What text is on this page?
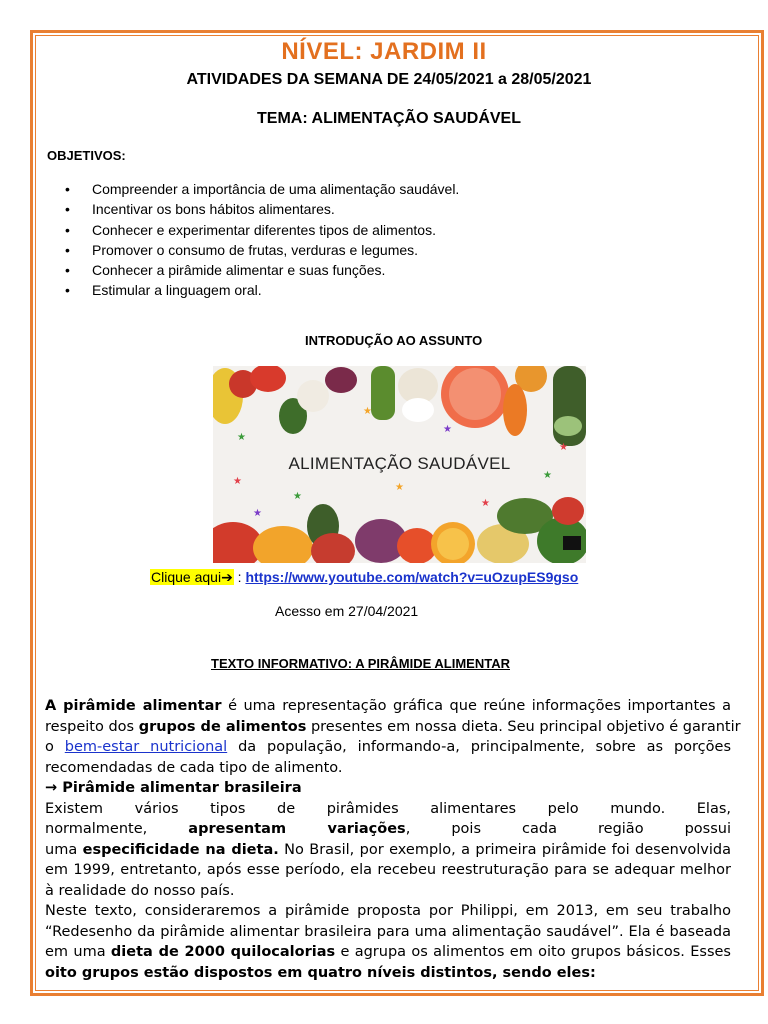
NÍVEL: JARDIM II
ATIVIDADES DA SEMANA DE 24/05/2021 a 28/05/2021
TEMA: ALIMENTAÇÃO SAUDÁVEL
OBJETIVOS:
• Compreender a importância de uma alimentação saudável.
• Incentivar os bons hábitos alimentares.
• Conhecer e experimentar diferentes tipos de alimentos.
• Promover o consumo de frutas, verduras e legumes.
• Conhecer a pirâmide alimentar e suas funções.
• Estimular a linguagem oral.
INTRODUÇÃO AO ASSUNTO
★
★
★
★
★
★
★
★
★
★
ALIMENTAÇÃO SAUDÁVEL
Clique aqui➔ : https://www.youtube.com/watch?v=uOzupES9gso
Acesso em 27/04/2021
TEXTO INFORMATIVO: A PIRÂMIDE ALIMENTAR
A pirâmide alimentar é uma representação gráfica que reúne informações importantes a
respeito dos grupos de alimentos presentes em nossa dieta. Seu principal objetivo é garantir
o bem-estar nutricional da população, informando-a, principalmente, sobre as porções
recomendadas de cada tipo de alimento.
→ Pirâmide alimentar brasileira
Existem vários tipos de pirâmides alimentares pelo mundo. Elas,
normalmente, apresentam variações, pois cada região possui
uma especificidade na dieta. No Brasil, por exemplo, a primeira pirâmide foi desenvolvida
em 1999, entretanto, após esse período, ela recebeu reestruturação para se adequar melhor
à realidade do nosso país.
Neste texto, consideraremos a pirâmide proposta por Philippi, em 2013, em seu trabalho
“Redesenho da pirâmide alimentar brasileira para uma alimentação saudável”. Ela é baseada
em uma dieta de 2000 quilocalorias e agrupa os alimentos em oito grupos básicos. Esses
oito grupos estão dispostos em quatro níveis distintos, sendo eles:
